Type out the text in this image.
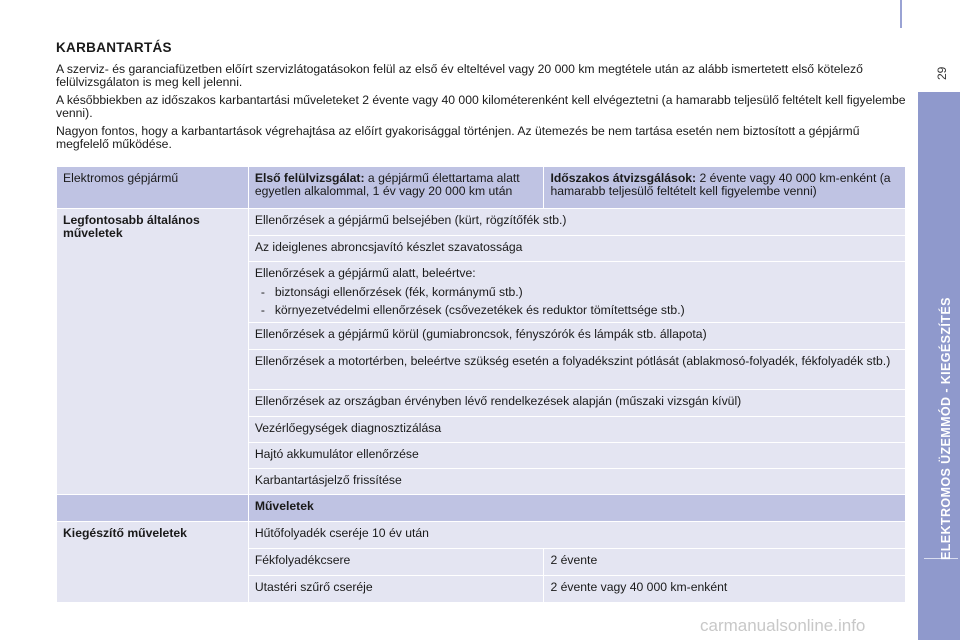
KARBANTARTÁS

A szerviz- és garanciafüzetben előírt szervizlátogatásokon felül az első év elteltével vagy 20 000 km megtétele után az alább ismertetett első kötelező felülvizsgálaton is meg kell jelenni.

A későbbiekben az időszakos karbantartási műveleteket 2 évente vagy 40 000 kilométerenként kell elvégeztetni (a hamarabb teljesülő feltételt kell figyelembe venni).

Nagyon fontos, hogy a karbantartások végrehajtása az előírt gyakorisággal történjen. Az ütemezés be nem tartása esetén nem biztosított a gépjármű megfelelő működése.

Elektromos gépjármű	Első felülvizsgálat: a gépjármű élettartama alatt egyetlen alkalommal, 1 év vagy 20 000 km után	Időszakos átvizsgálások: 2 évente vagy 40 000 km-enként (a hamarabb teljesülő feltételt kell figyelembe venni)
Legfontosabb általános műveletek	Ellenőrzések a gépjármű belsejében (kürt, rögzítőfék stb.)	
	Az ideiglenes abroncsjavító készlet szavatossága	
	Ellenőrzések a gépjármű alatt, beleértve:
- biztonsági ellenőrzések (fék, kormánymű stb.)
- környezetvédelmi ellenőrzések (csővezetékek és reduktor tömítettsége stb.)	

	Ellenőrzések a gépjármű körül (gumiabroncsok, fényszórók és lámpák stb. állapota)	
	Ellenőrzések a motortérben, beleértve szükség esetén a folyadékszint pótlását (ablakmosó-folyadék, fékfolyadék stb.)	
	Ellenőrzések az országban érvényben lévő rendelkezések alapján (műszaki vizsgán kívül)	
	Vezérlőegységek diagnosztizálása	
	Hajtó akkumulátor ellenőrzése	
	Karbantartásjelző frissítése	
	Műveletek	
Kiegészítő műveletek	Hűtőfolyadék cseréje 10 év után	
	Fékfolyadékcsere	2 évente
	Utastéri szűrő cseréje	2 évente vagy 40 000 km-enként
29
ELEKTROMOS ÜZEMMÓD - KIEGÉSZÍTÉS
carmanualsonline.info
